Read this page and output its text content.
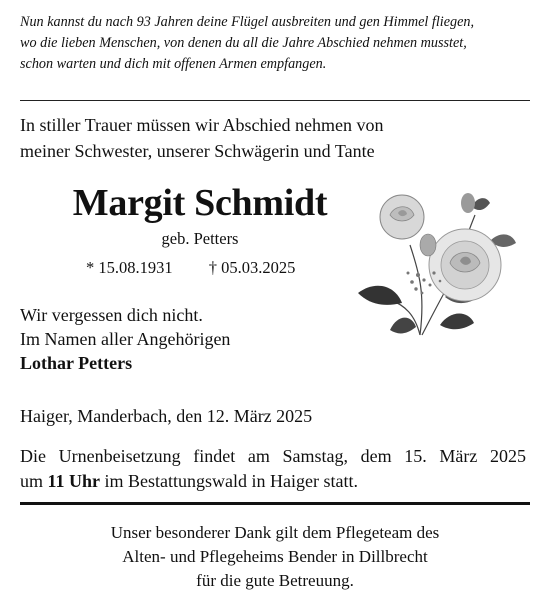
Nun kannst du nach 93 Jahren deine Flügel ausbreiten und gen Himmel fliegen,
wo die lieben Menschen, von denen du all die Jahre Abschied nehmen musstet,
schon warten und dich mit offenen Armen empfangen.
In stiller Trauer müssen wir Abschied nehmen von
meiner Schwester, unserer Schwägerin und Tante
Margit Schmidt
geb. Petters
* 15.08.1931 † 05.03.2025
Wir vergessen dich nicht.
Im Namen aller Angehörigen
Lothar Petters
Haiger, Manderbach, den 12. März 2025
Die Urnenbeisetzung findet am Samstag, dem 15. März 2025
um 11 Uhr im Bestattungswald in Haiger statt.
Unser besonderer Dank gilt dem Pflegeteam des
Alten- und Pflegeheims Bender in Dillbrecht
für die gute Betreuung.
